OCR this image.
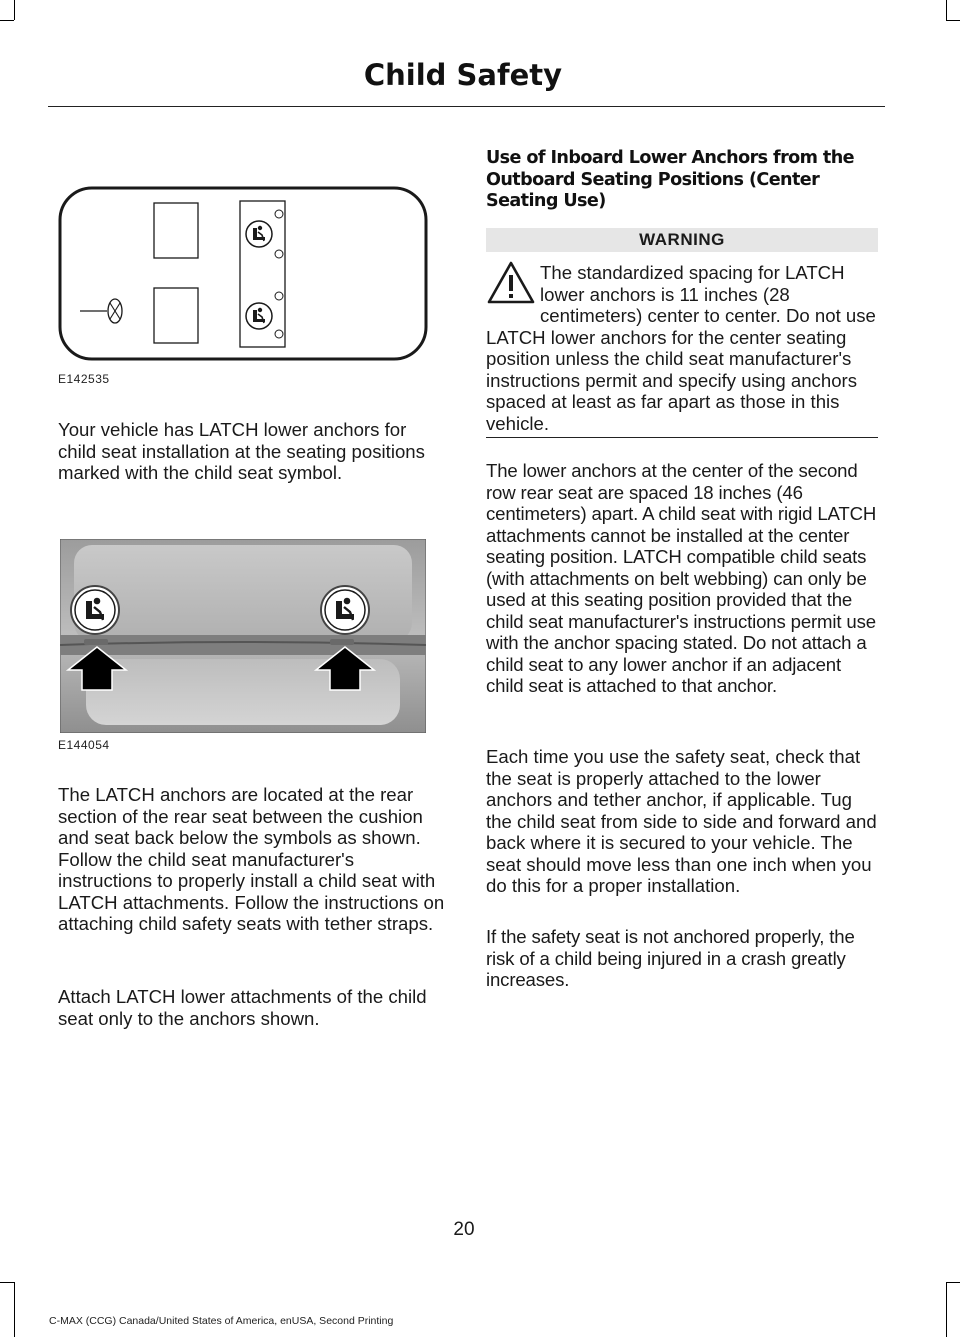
Child Safety
E142535

Your vehicle has LATCH lower anchors for child seat installation at the seating positions marked with the child seat symbol.

E144054

The LATCH anchors are located at the rear section of the rear seat between the cushion and seat back below the symbols as shown. Follow the child seat manufacturer's instructions to properly install a child seat with LATCH attachments. Follow the instructions on attaching child safety seats with tether straps.

Attach LATCH lower attachments of the child seat only to the anchors shown.

Use of Inboard Lower Anchors from the Outboard Seating Positions (Center Seating Use)
WARNING

The standardized spacing for LATCH lower anchors is 11 inches (28 centimeters) center to center. Do not use LATCH lower anchors for the center seating position unless the child seat manufacturer's instructions permit and specify using anchors spaced at least as far apart as those in this vehicle.

The lower anchors at the center of the second row rear seat are spaced 18 inches (46 centimeters) apart. A child seat with rigid LATCH attachments cannot be installed at the center seating position. LATCH compatible child seats (with attachments on belt webbing) can only be used at this seating position provided that the child seat manufacturer's instructions permit use with the anchor spacing stated. Do not attach a child seat to any lower anchor if an adjacent child seat is attached to that anchor.

Each time you use the safety seat, check that the seat is properly attached to the lower anchors and tether anchor, if applicable. Tug the child seat from side to side and forward and back where it is secured to your vehicle. The seat should move less than one inch when you do this for a proper installation.

If the safety seat is not anchored properly, the risk of a child being injured in a crash greatly increases.

20
C-MAX (CCG) Canada/United States of America, enUSA, Second Printing
